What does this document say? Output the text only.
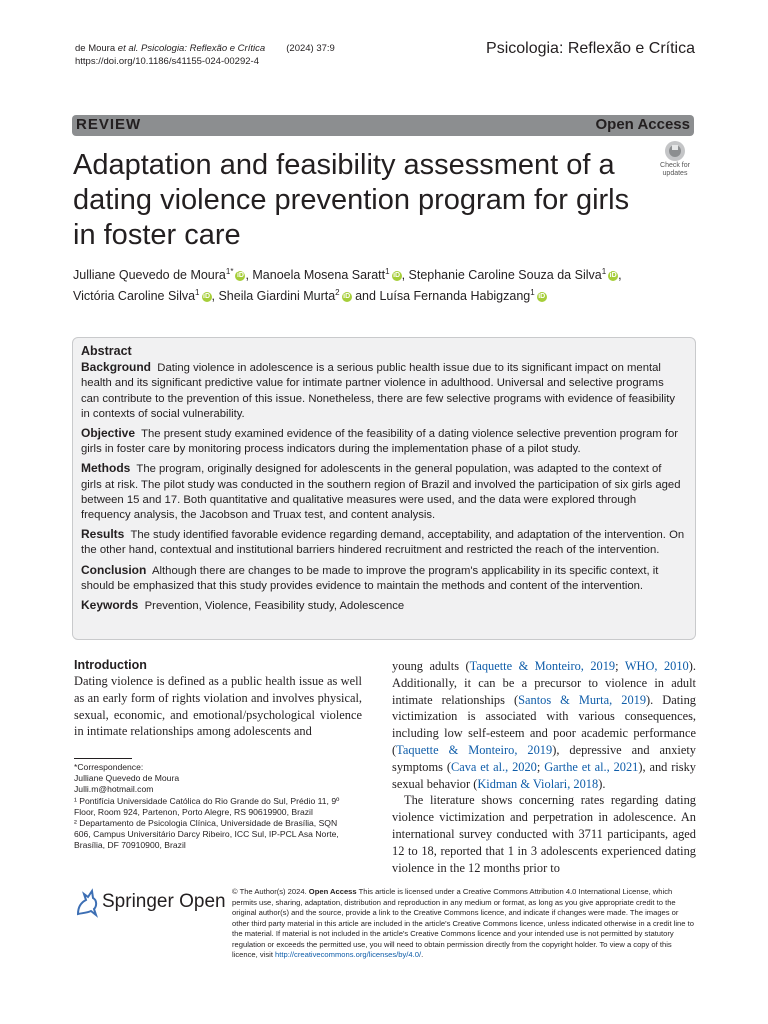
de Moura et al. Psicologia: Reflexão e Crítica (2024) 37:9
https://doi.org/10.1186/s41155-024-00292-4
Psicologia: Reflexão e Crítica
REVIEW	Open Access
Adaptation and feasibility assessment of a dating violence prevention program for girls in foster care
Check for updates
Julliane Quevedo de Moura$^{1*}$ iD , Manoela Mosena Saratt$^1$ iD , Stephanie Caroline Souza da Silva$^1$ iD ,
Victória Caroline Silva$^1$ iD , Sheila Giardini Murta$^2$ iD and Luísa Fernanda Habigzang$^1$ iD
Abstract

Background Dating violence in adolescence is a serious public health issue due to its significant impact on mental health and its significant predictive value for intimate partner violence in adulthood. Universal and selective programs can contribute to the prevention of this issue. Nonetheless, there are few selective programs with evidence of feasibility in contexts of social vulnerability.

Objective The present study examined evidence of the feasibility of a dating violence selective prevention program for girls in foster care by monitoring process indicators during the implementation phase of a pilot study.

Methods The program, originally designed for adolescents in the general population, was adapted to the context of girls at risk. The pilot study was conducted in the southern region of Brazil and involved the participation of six girls aged between 15 and 17. Both quantitative and qualitative measures were used, and the data were explored through frequency analysis, the Jacobson and Truax test, and content analysis.

Results The study identified favorable evidence regarding demand, acceptability, and adaptation of the intervention. On the other hand, contextual and institutional barriers hindered recruitment and restricted the reach of the intervention.

Conclusion Although there are changes to be made to improve the program's applicability in its specific context, it should be emphasized that this study provides evidence to maintain the methods and content of the intervention.

Keywords Prevention, Violence, Feasibility study, Adolescence

Introduction

Dating violence is defined as a public health issue as well as an early form of rights violation and involves physical, sexual, economic, and emotional/psychological violence in intimate relationships among adolescents and

*Correspondence:

Julliane Quevedo de Moura

Julli.m@hotmail.com

¹ Pontifícia Universidade Católica do Rio Grande do Sul, Prédio 11, 9º Floor, Room 924, Partenon, Porto Alegre, RS 90619900, Brazil

² Departamento de Psicologia Clínica, Universidade de Brasília, SQN 606, Campus Universitário Darcy Ribeiro, ICC Sul, IP-PCL Asa Norte, Brasília, DF 70910900, Brazil

young adults (Taquette & Monteiro, 2019; WHO, 2010). Additionally, it can be a precursor to violence in adult intimate relationships (Santos & Murta, 2019). Dating victimization is associated with various consequences, including low self-esteem and poor academic performance (Taquette & Monteiro, 2019), depressive and anxiety symptoms (Cava et al., 2020; Garthe et al., 2021), and risky sexual behavior (Kidman & Violari, 2018).

The literature shows concerning rates regarding dating violence victimization and perpetration in adolescence. An international survey conducted with 3711 participants, aged 12 to 18, reported that 1 in 3 adolescents experienced dating violence in the 12 months prior to

Springer Open © The Author(s) 2024. Open Access This article is licensed under a Creative Commons Attribution 4.0 International License, which permits use, sharing, adaptation, distribution and reproduction in any medium or format, as long as you give appropriate credit to the original author(s) and the source, provide a link to the Creative Commons licence, and indicate if changes were made. The images or other third party material in this article are included in the article's Creative Commons licence, unless indicated otherwise in a credit line to the material. If material is not included in the article's Creative Commons licence and your intended use is not permitted by statutory regulation or exceeds the permitted use, you will need to obtain permission directly from the copyright holder. To view a copy of this licence, visit http://creativecommons.org/licenses/by/4.0/.
